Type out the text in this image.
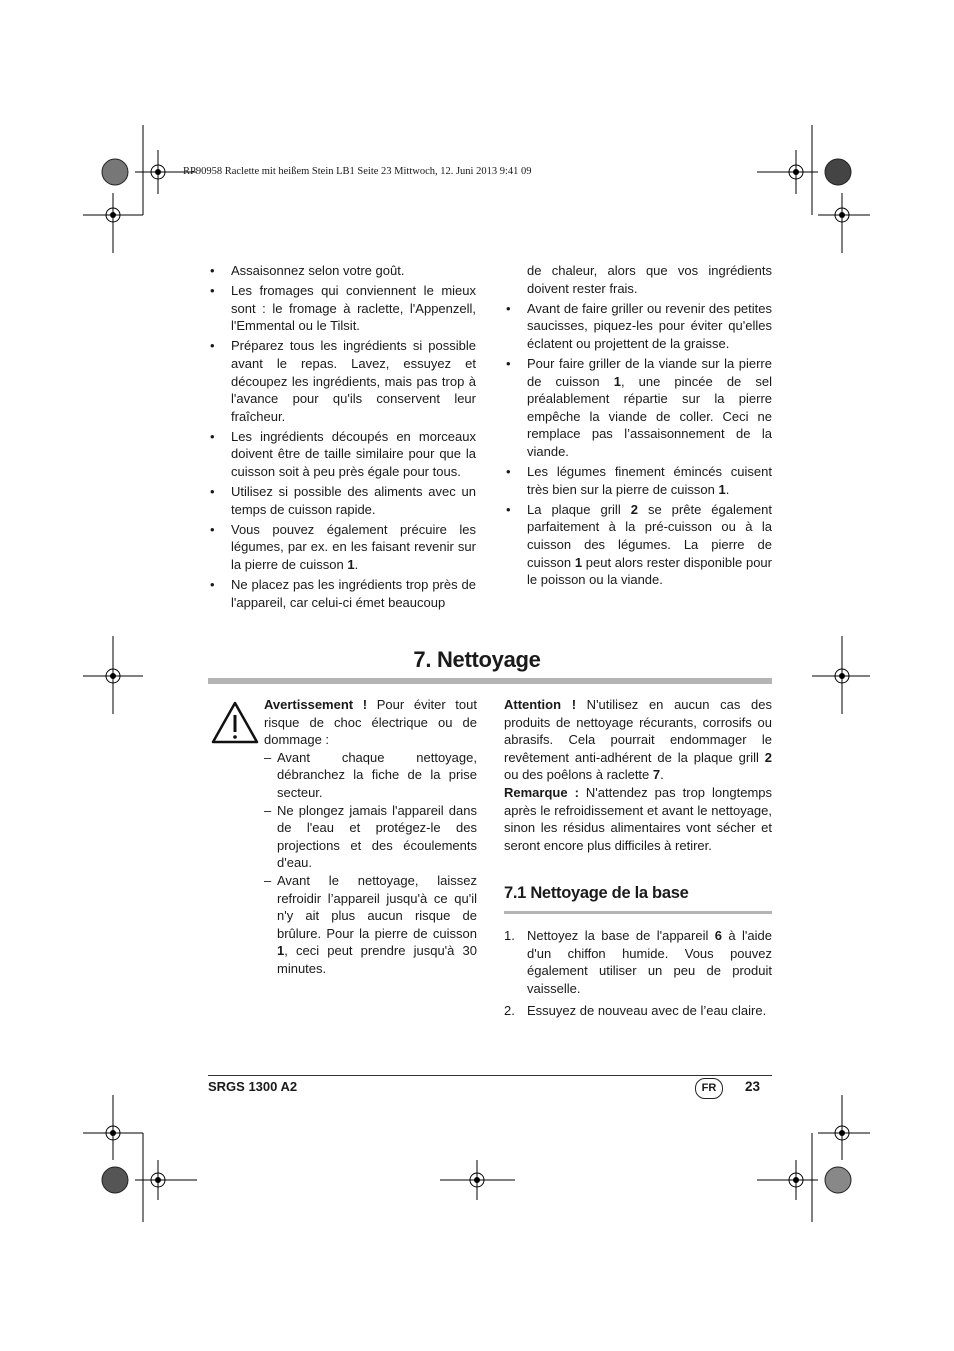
RP90958 Raclette mit heißem Stein LB1 Seite 23 Mittwoch, 12. Juni 2013 9:41 09
• Assaisonnez selon votre goût.
• Les fromages qui conviennent le mieux sont : le fromage à raclette, l'Appenzell, l'Emmental ou le Tilsit.
• Préparez tous les ingrédients si possible avant le repas. Lavez, essuyez et découpez les ingrédients, mais pas trop à l'avance pour qu'ils conservent leur fraîcheur.
• Les ingrédients découpés en morceaux doivent être de taille similaire pour que la cuisson soit à peu près égale pour tous.
• Utilisez si possible des aliments avec un temps de cuisson rapide.
• Vous pouvez également précuire les légumes, par ex. en les faisant revenir sur la pierre de cuisson 1.
• Ne placez pas les ingrédients trop près de l'appareil, car celui-ci émet beaucoup
de chaleur, alors que vos ingrédients doivent rester frais.
• Avant de faire griller ou revenir des petites saucisses, piquez-les pour éviter qu'elles éclatent ou projettent de la graisse.
• Pour faire griller de la viande sur la pierre de cuisson 1, une pincée de sel préalablement répartie sur la pierre empêche la viande de coller. Ceci ne remplace pas l’assaisonnement de la viande.
• Les légumes finement émincés cuisent très bien sur la pierre de cuisson 1.
• La plaque grill 2 se prête également parfaitement à la pré-cuisson ou à la cuisson des légumes. La pierre de cuisson 1 peut alors rester disponible pour le poisson ou la viande.
7. Nettoyage

Avertissement ! Pour éviter tout risque de choc électrique ou de dommage :

– Avant chaque nettoyage, débranchez la fiche de la prise secteur.
– Ne plongez jamais l'appareil dans de l'eau et protégez-le des projections et des écoulements d'eau.
– Avant le nettoyage, laissez refroidir l’appareil jusqu'à ce qu'il n'y ait plus aucun risque de brûlure. Pour la pierre de cuisson 1, ceci peut prendre jusqu'à 30 minutes.

Attention ! N'utilisez en aucun cas des produits de nettoyage récurants, corrosifs ou abrasifs. Cela pourrait endommager le revêtement anti-adhérent de la plaque grill 2 ou des poêlons à raclette 7.

Remarque : N'attendez pas trop longtemps après le refroidissement et avant le nettoyage, sinon les résidus alimentaires vont sécher et seront encore plus difficiles à retirer.

7.1 Nettoyage de la base
1. Nettoyez la base de l'appareil 6 à l'aide d'un chiffon humide. Vous pouvez également utiliser un peu de produit vaisselle.
2. Essuyez de nouveau avec de l’eau claire.
SRGS 1300 A2	FR	23
